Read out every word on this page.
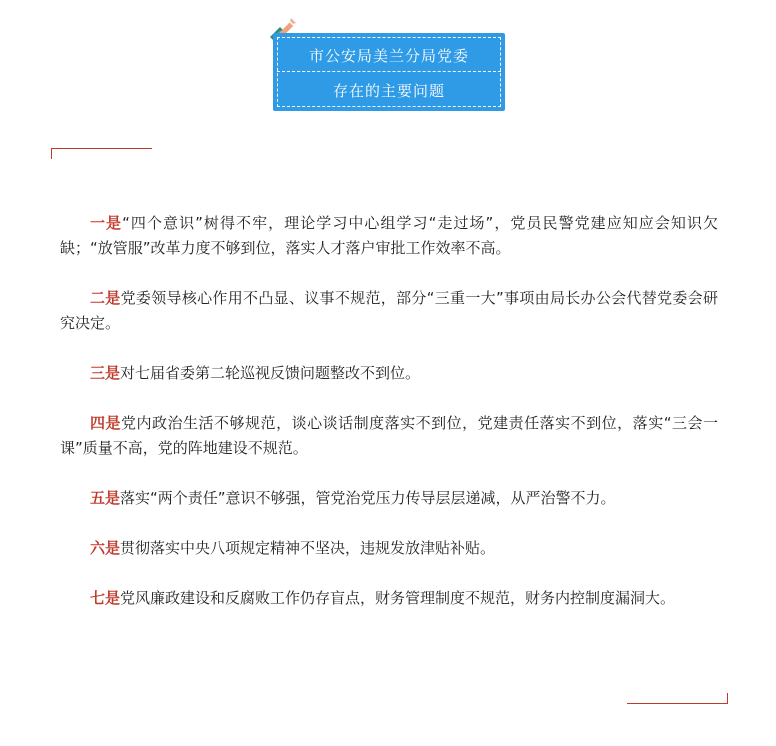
市公安局美兰分局党委
存在的主要问题

一是“四个意识”树得不牢，理论学习中心组学习“走过场”，党员民警党建应知应会知识欠缺；“放管服”改革力度不够到位，落实人才落户审批工作效率不高。

二是党委领导核心作用不凸显、议事不规范，部分“三重一大”事项由局长办公会代替党委会研究决定。

三是对七届省委第二轮巡视反馈问题整改不到位。

四是党内政治生活不够规范，谈心谈话制度落实不到位，党建责任落实不到位，落实“三会一课”质量不高，党的阵地建设不规范。

五是落实“两个责任”意识不够强，管党治党压力传导层层递减，从严治警不力。

六是贯彻落实中央八项规定精神不坚决，违规发放津贴补贴。

七是党风廉政建设和反腐败工作仍存盲点，财务管理制度不规范，财务内控制度漏洞大。
